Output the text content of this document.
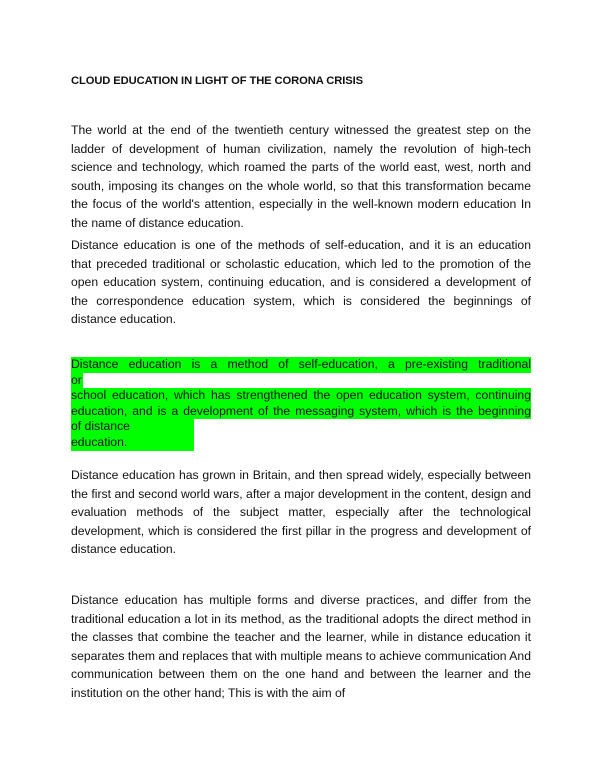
CLOUD EDUCATION IN LIGHT OF THE CORONA CRISIS

The world at the end of the twentieth century witnessed the greatest step on the ladder of development of human civilization, namely the revolution of high-tech science and technology, which roamed the parts of the world east, west, north and south, imposing its changes on the whole world, so that this transformation became the focus of the world's attention, especially in the well-known modern education In the name of distance education.

Distance education is one of the methods of self-education, and it is an education that preceded traditional or scholastic education, which led to the promotion of the open education system, continuing education, and is considered a development of the correspondence education system, which is considered the beginnings of distance education.

Distance education is a method of self-education, a pre-existing traditional
or
school education, which has strengthened the open education system, continuing
education, and is a development of the messaging system, which is the beginning
of distance
education.

Distance education has grown in Britain, and then spread widely, especially between the first and second world wars, after a major development in the content, design and evaluation methods of the subject matter, especially after the technological development, which is considered the first pillar in the progress and development of distance education.

Distance education has multiple forms and diverse practices, and differ from the traditional education a lot in its method, as the traditional adopts the direct method in the classes that combine the teacher and the learner, while in distance education it separates them and replaces that with multiple means to achieve communication And communication between them on the one hand and between the learner and the institution on the other hand; This is with the aim of
